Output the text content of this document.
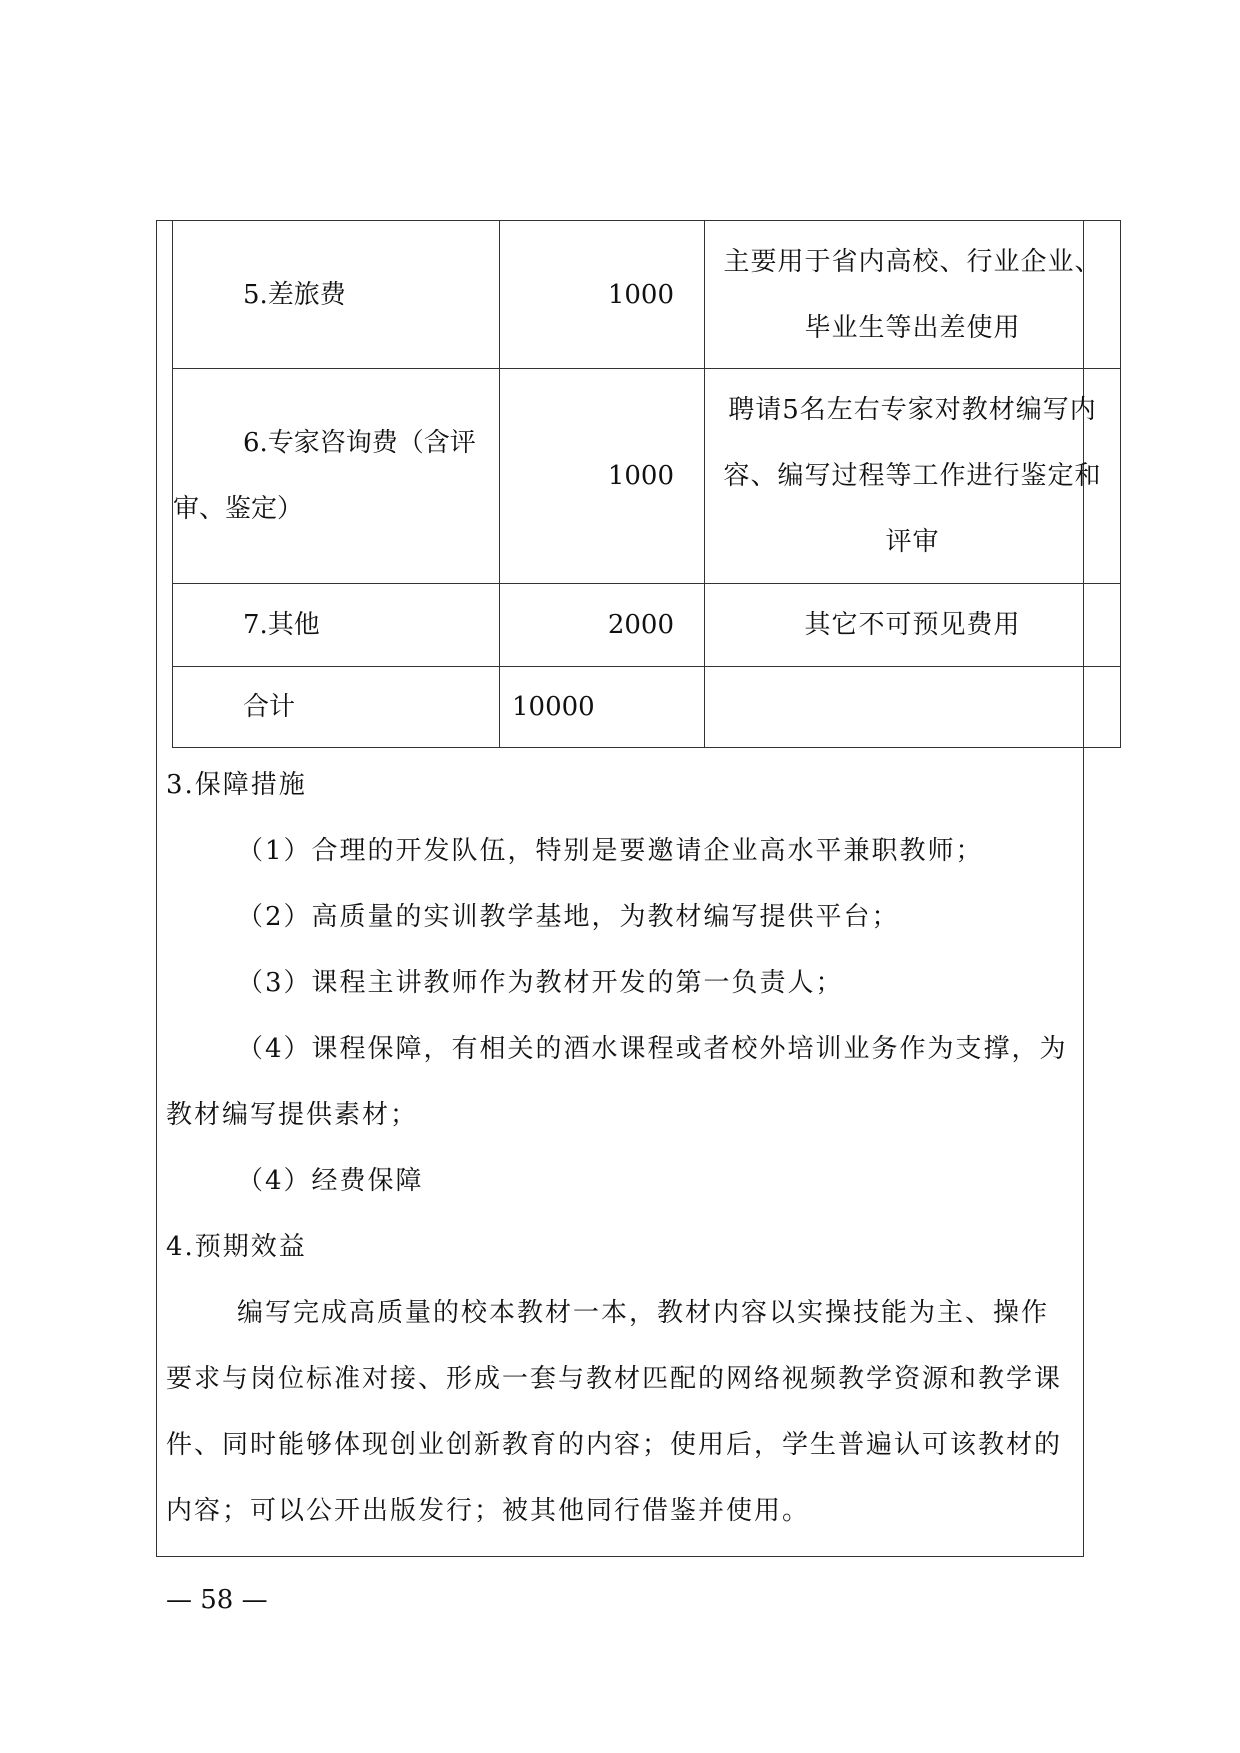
5.差旅费	1000	主要用于省内高校、行业企业、毕业生等出差使用
6.专家咨询费（含评审、鉴定）	1000	聘请5名左右专家对教材编写内容、编写过程等工作进行鉴定和评审
7.其他	2000	其它不可预见费用
合计	10000	

3.保障措施

（1）合理的开发队伍，特别是要邀请企业高水平兼职教师；

（2）高质量的实训教学基地，为教材编写提供平台；

（3）课程主讲教师作为教材开发的第一负责人；

（4）课程保障，有相关的酒水课程或者校外培训业务作为支撑，为教材编写提供素材；

（4）经费保障

4.预期效益

编写完成高质量的校本教材一本，教材内容以实操技能为主、操作要求与岗位标准对接、形成一套与教材匹配的网络视频教学资源和教学课件、同时能够体现创业创新教育的内容；使用后，学生普遍认可该教材的内容；可以公开出版发行；被其他同行借鉴并使用。

— 58 —
